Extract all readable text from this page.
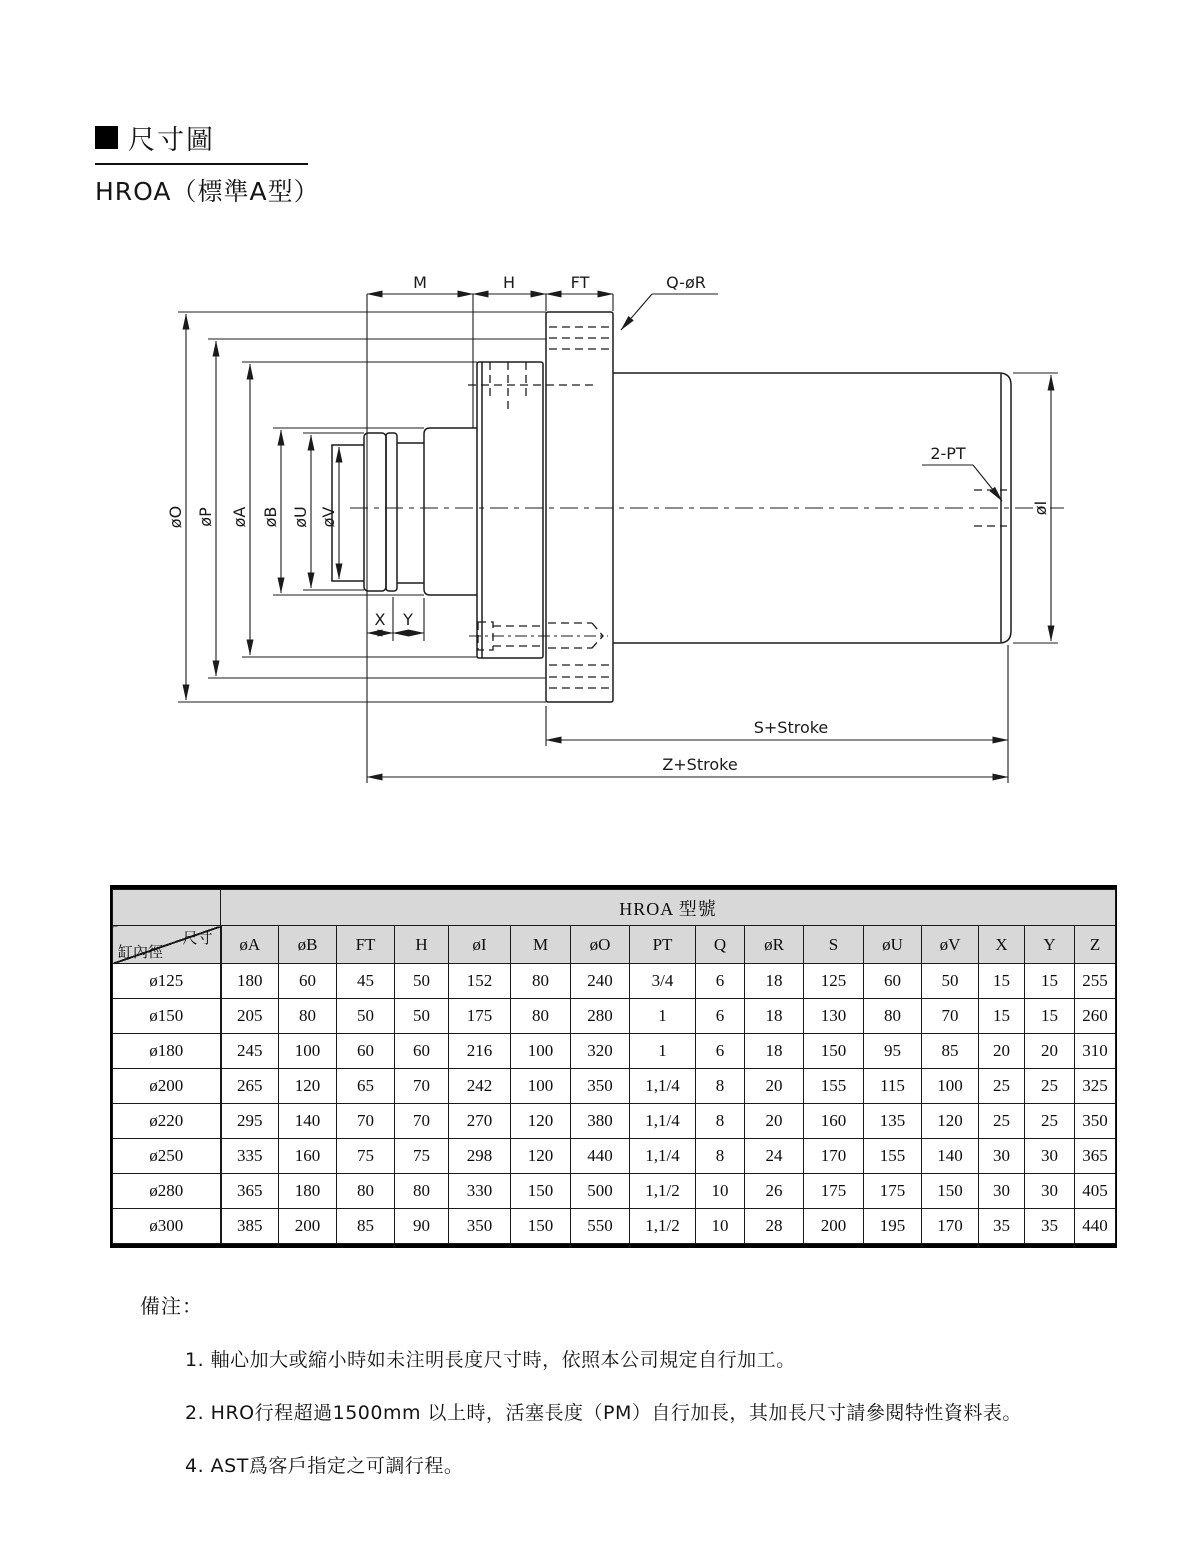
尺寸圖
HROA（標準A型）
M	H	FT	Q-øR
2-PT
øO øP øA øB øU øV	øI
X Y
S+Stroke
Z+Stroke
	HROA 型號															

尺寸
缸內徑	øA	øB	FT	H	øI	M	øO	PT	Q	øR	S	øU	øV	X	Y	Z
ø125	180	60	45	50	152	80	240	3/4	6	18	125	60	50	15	15	255
ø150	205	80	50	50	175	80	280	1	6	18	130	80	70	15	15	260
ø180	245	100	60	60	216	100	320	1	6	18	150	95	85	20	20	310
ø200	265	120	65	70	242	100	350	1,1/4	8	20	155	115	100	25	25	325
ø220	295	140	70	70	270	120	380	1,1/4	8	20	160	135	120	25	25	350
ø250	335	160	75	75	298	120	440	1,1/4	8	24	170	155	140	30	30	365
ø280	365	180	80	80	330	150	500	1,1/2	10	26	175	175	150	30	30	405
ø300	385	200	85	90	350	150	550	1,1/2	10	28	200	195	170	35	35	440
備注：
1. 軸心加大或縮小時如未注明長度尺寸時，依照本公司規定自行加工。
2. HRO行程超過1500mm 以上時，活塞長度（PM）自行加長，其加長尺寸請參閱特性資料表。
4. AST爲客戶指定之可調行程。
